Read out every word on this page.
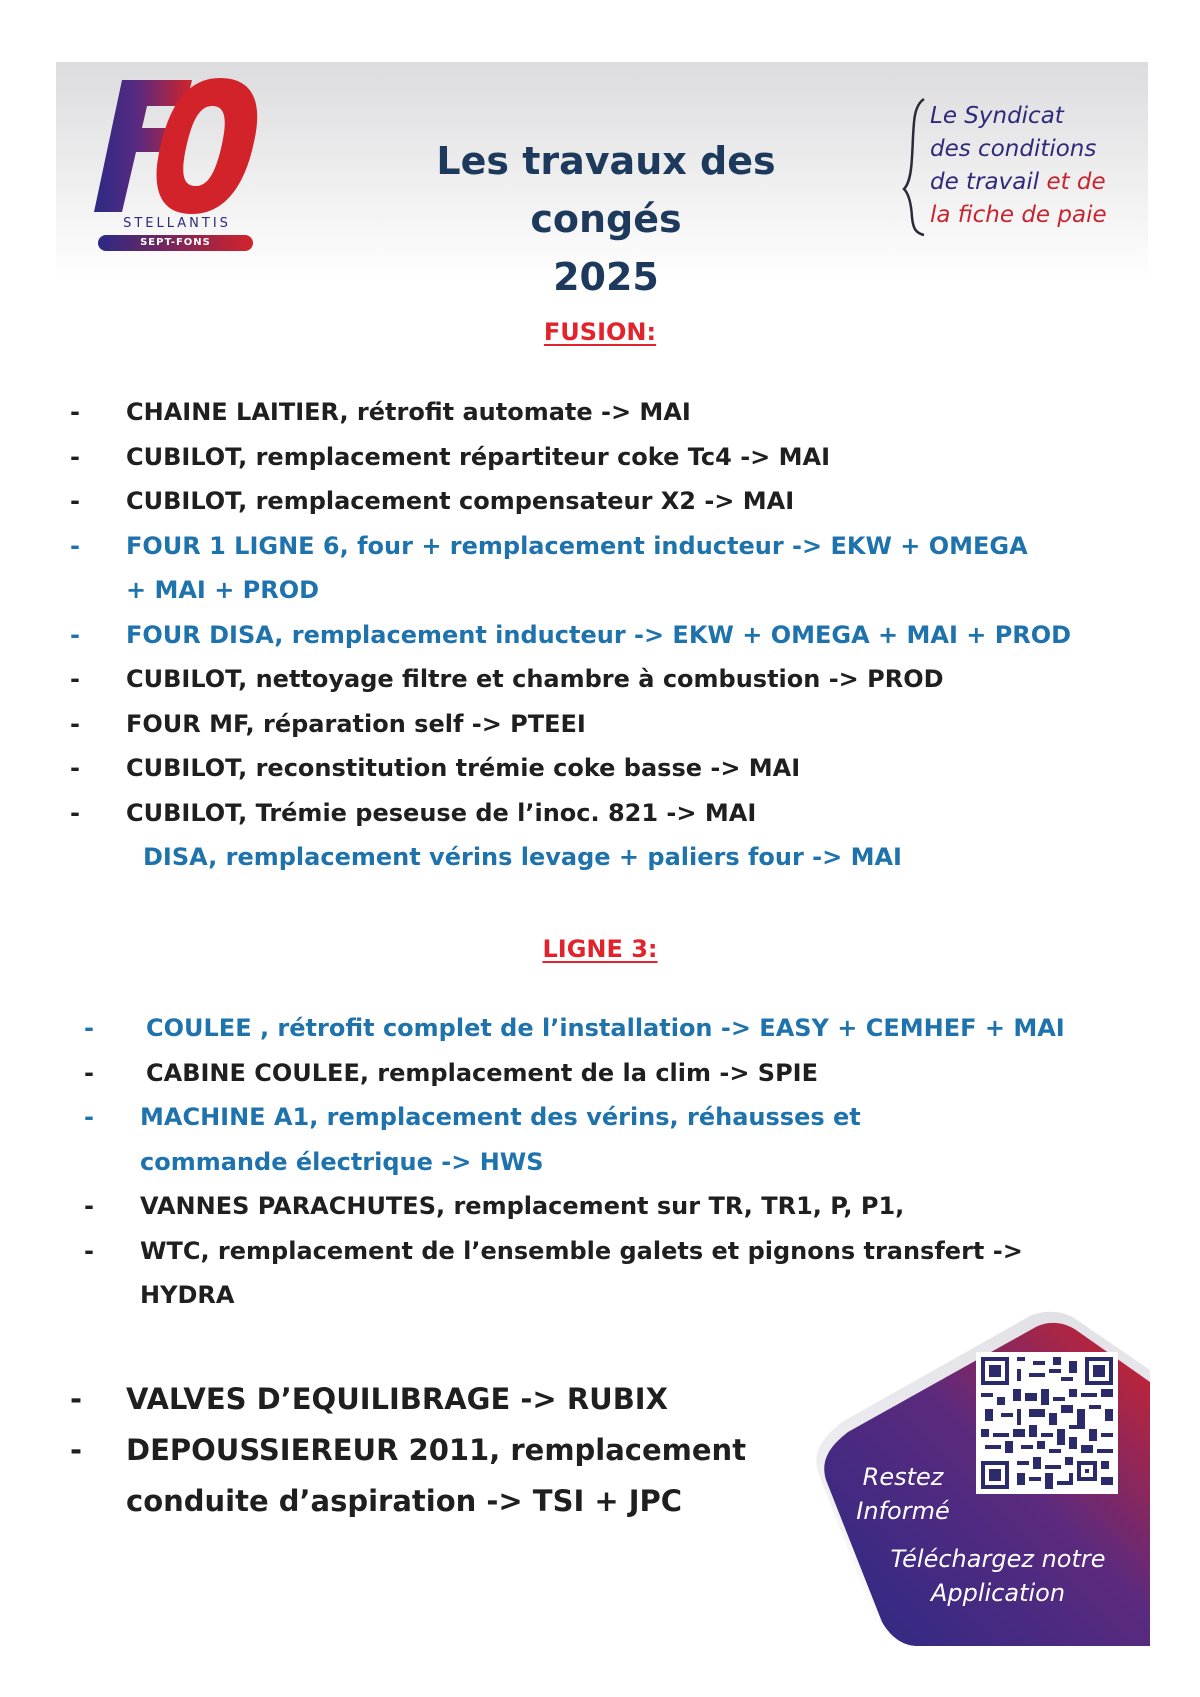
STELLANTIS
SEPT-FONS
Les travaux des congés
2025
Le Syndicat
des conditions
de travail et de
la fiche de paie
FUSION:
- CHAINE LAITIER, rétrofit automate -> MAI
- CUBILOT, remplacement répartiteur coke Tc4 -> MAI
- CUBILOT, remplacement compensateur X2 -> MAI
- FOUR 1 LIGNE 6, four + remplacement inducteur -> EKW + OMEGA + MAI + PROD
- FOUR DISA, remplacement inducteur -> EKW + OMEGA + MAI + PROD
- CUBILOT, nettoyage filtre et chambre à combustion -> PROD
- FOUR MF, réparation self -> PTEEI
- CUBILOT, reconstitution trémie coke basse -> MAI
- CUBILOT, Trémie peseuse de l’inoc. 821 -> MAI
DISA, remplacement vérins levage + paliers four -> MAI
LIGNE 3:
- COULEE , rétrofit complet de l’installation -> EASY + CEMHEF + MAI
- CABINE COULEE, remplacement de la clim -> SPIE
- MACHINE A1, remplacement des vérins, réhausses et commande électrique -> HWS
- VANNES PARACHUTES, remplacement sur TR, TR1, P, P1,
- WTC, remplacement de l’ensemble galets et pignons transfert -> HYDRA
- VALVES D’EQUILIBRAGE -> RUBIX
- DEPOUSSIEREUR 2011, remplacement conduite d’aspiration -> TSI + JPC
Restez
Informé
Téléchargez notre
Application
